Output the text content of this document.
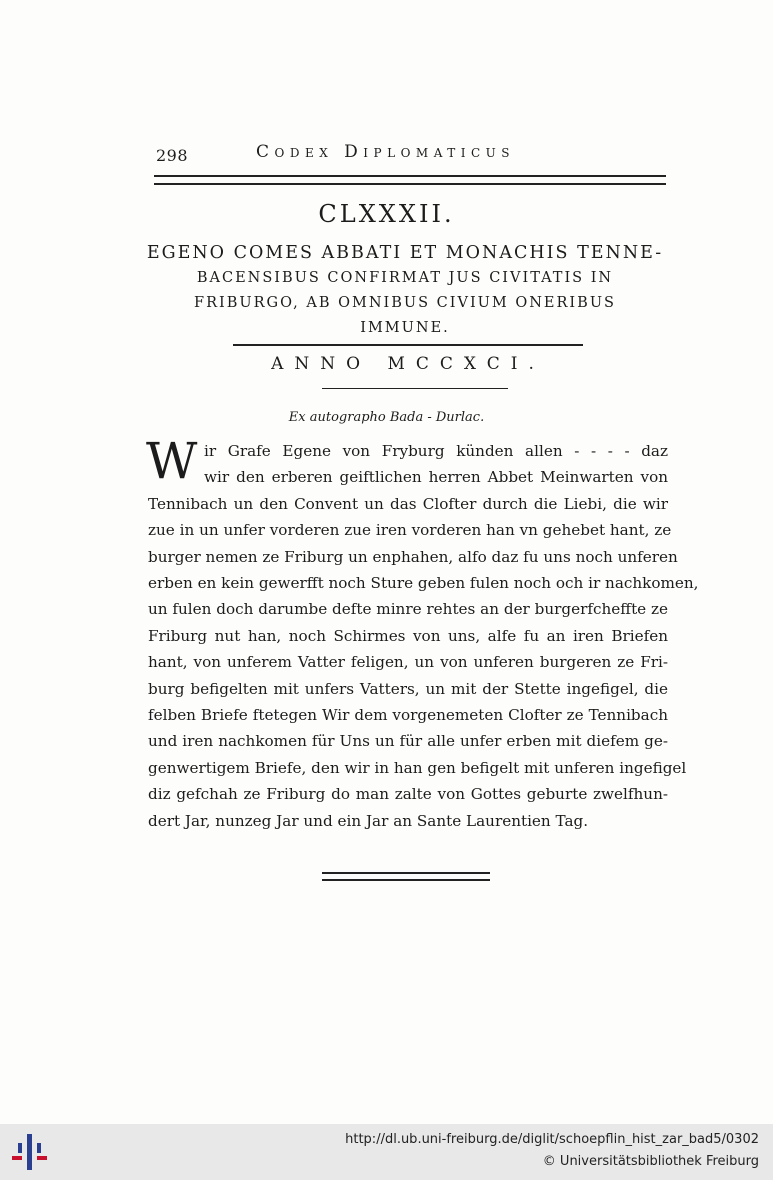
298	Codex Diplomaticus
CLXXXII.
EGENO COMES ABBATI ET MONACHIS TENNE-
BACENSIBUS CONFIRMAT JUS CIVITATIS IN
FRIBURGO, AB OMNIBUS CIVIUM ONERIBUS
IMMUNE.
ANNO MCCXCI.
Ex autographo Bada - Durlac.
W ir Grafe Egene von Fryburg künden allen - - - - daz
wir den erberen geiftlichen herren Abbet Meinwarten von
Tennibach un den Convent un das Clofter durch die Liebi, die wir
zue in un unfer vorderen zue iren vorderen han vn gehebet hant, ze
burger nemen ze Friburg un enphahen, alfo daz fu uns noch unferen
erben en kein gewerfft noch Sture geben fulen noch och ir nachkomen,
un fulen doch darumbe defte minre rehtes an der burgerfcheffte ze
Friburg nut han, noch Schirmes von uns, alfe fu an iren Briefen
hant, von unferem Vatter feligen, un von unferen burgeren ze Fri-
burg befigelten mit unfers Vatters, un mit der Stette ingefigel, die
felben Briefe ftetegen Wir dem vorgenemeten Clofter ze Tennibach
und iren nachkomen für Uns un für alle unfer erben mit diefem ge-
genwertigem Briefe, den wir in han gen befigelt mit unferen ingefigel
diz gefchah ze Friburg do man zalte von Gottes geburte zwelfhun-
dert Jar, nunzeg Jar und ein Jar an Sante Laurentien Tag.
http://dl.ub.uni-freiburg.de/diglit/schoepflin_hist_zar_bad5/0302
© Universitätsbibliothek Freiburg
